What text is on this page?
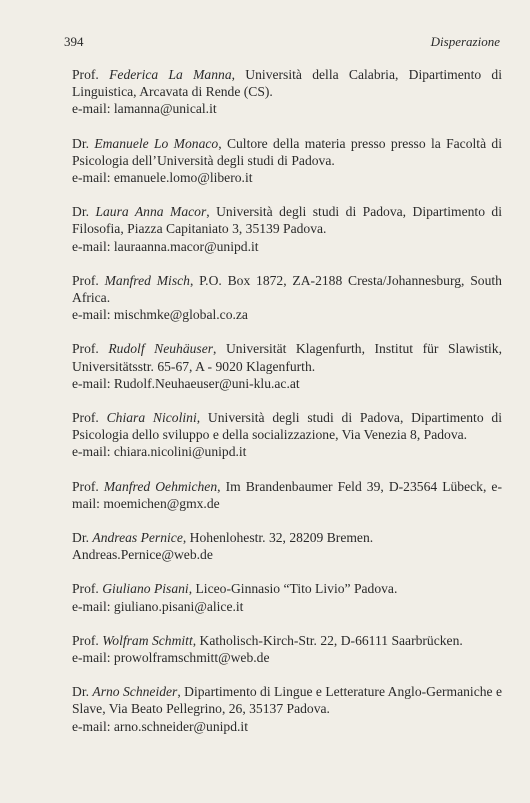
394	Disperazione
Prof. Federica La Manna, Università della Calabria, Dipartimento di Linguistica, Arcavata di Rende (CS).
e-mail: lamanna@unical.it
Dr. Emanuele Lo Monaco, Cultore della materia presso presso la Facoltà di Psicologia dell’Università degli studi di Padova.
e-mail: emanuele.lomo@libero.it
Dr. Laura Anna Macor, Università degli studi di Padova, Dipartimento di Filosofia, Piazza Capitaniato 3, 35139 Padova.
e-mail: lauraanna.macor@unipd.it
Prof. Manfred Misch, P.O. Box 1872, ZA-2188 Cresta/Johannesburg, South Africa.
e-mail: mischmke@global.co.za
Prof. Rudolf Neuhäuser, Universität Klagenfurth, Institut für Slawistik, Universitätsstr. 65-67, A - 9020 Klagenfurth.
e-mail: Rudolf.Neuhaeuser@uni-klu.ac.at
Prof. Chiara Nicolini, Università degli studi di Padova, Dipartimento di Psicologia dello sviluppo e della socializzazione, Via Venezia 8, Padova.
e-mail: chiara.nicolini@unipd.it
Prof. Manfred Oehmichen, Im Brandenbaumer Feld 39, D-23564 Lübeck, e-mail: moemichen@gmx.de
Dr. Andreas Pernice, Hohenlohestr. 32, 28209 Bremen.
Andreas.Pernice@web.de
Prof. Giuliano Pisani, Liceo-Ginnasio “Tito Livio” Padova.
e-mail: giuliano.pisani@alice.it
Prof. Wolfram Schmitt, Katholisch-Kirch-Str. 22, D-66111 Saarbrücken.
e-mail: prowolframschmitt@web.de
Dr. Arno Schneider, Dipartimento di Lingue e Letterature Anglo-Germaniche e Slave, Via Beato Pellegrino, 26, 35137 Padova.
e-mail: arno.schneider@unipd.it
